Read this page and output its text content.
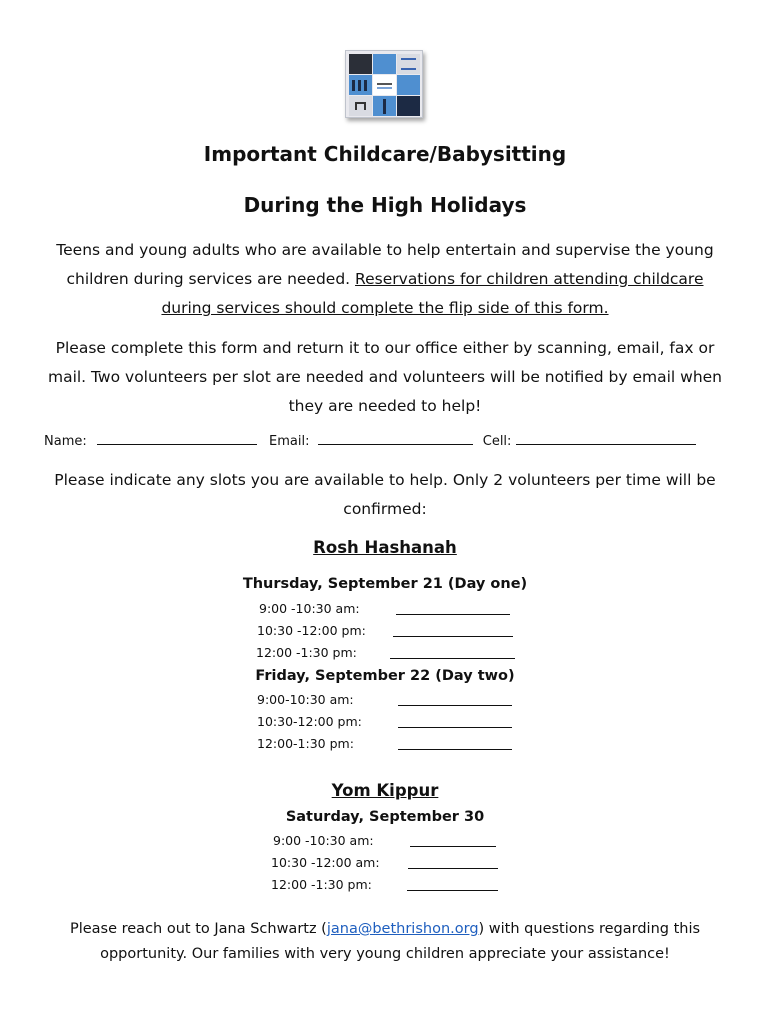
Important Childcare/Babysitting
During the High Holidays
Teens and young adults who are available to help entertain and supervise the young children during services are needed. Reservations for children attending childcare during services should complete the flip side of this form.
Please complete this form and return it to our office either by scanning, email, fax or mail. Two volunteers per slot are needed and volunteers will be notified by email when they are needed to help!
Name:	Email:	Cell:
Please indicate any slots you are available to help. Only 2 volunteers per time will be confirmed:
Rosh Hashanah
Thursday, September 21 (Day one)
9:00 -10:30 am:
10:30 -12:00 pm:
12:00 -1:30 pm:
Friday, September 22 (Day two)
9:00-10:30 am:
10:30-12:00 pm:
12:00-1:30 pm:
Yom Kippur
Saturday, September 30
9:00 -10:30 am:
10:30 -12:00 am:
12:00 -1:30 pm:
Please reach out to Jana Schwartz (jana@bethrishon.org) with questions regarding this opportunity. Our families with very young children appreciate your assistance!
